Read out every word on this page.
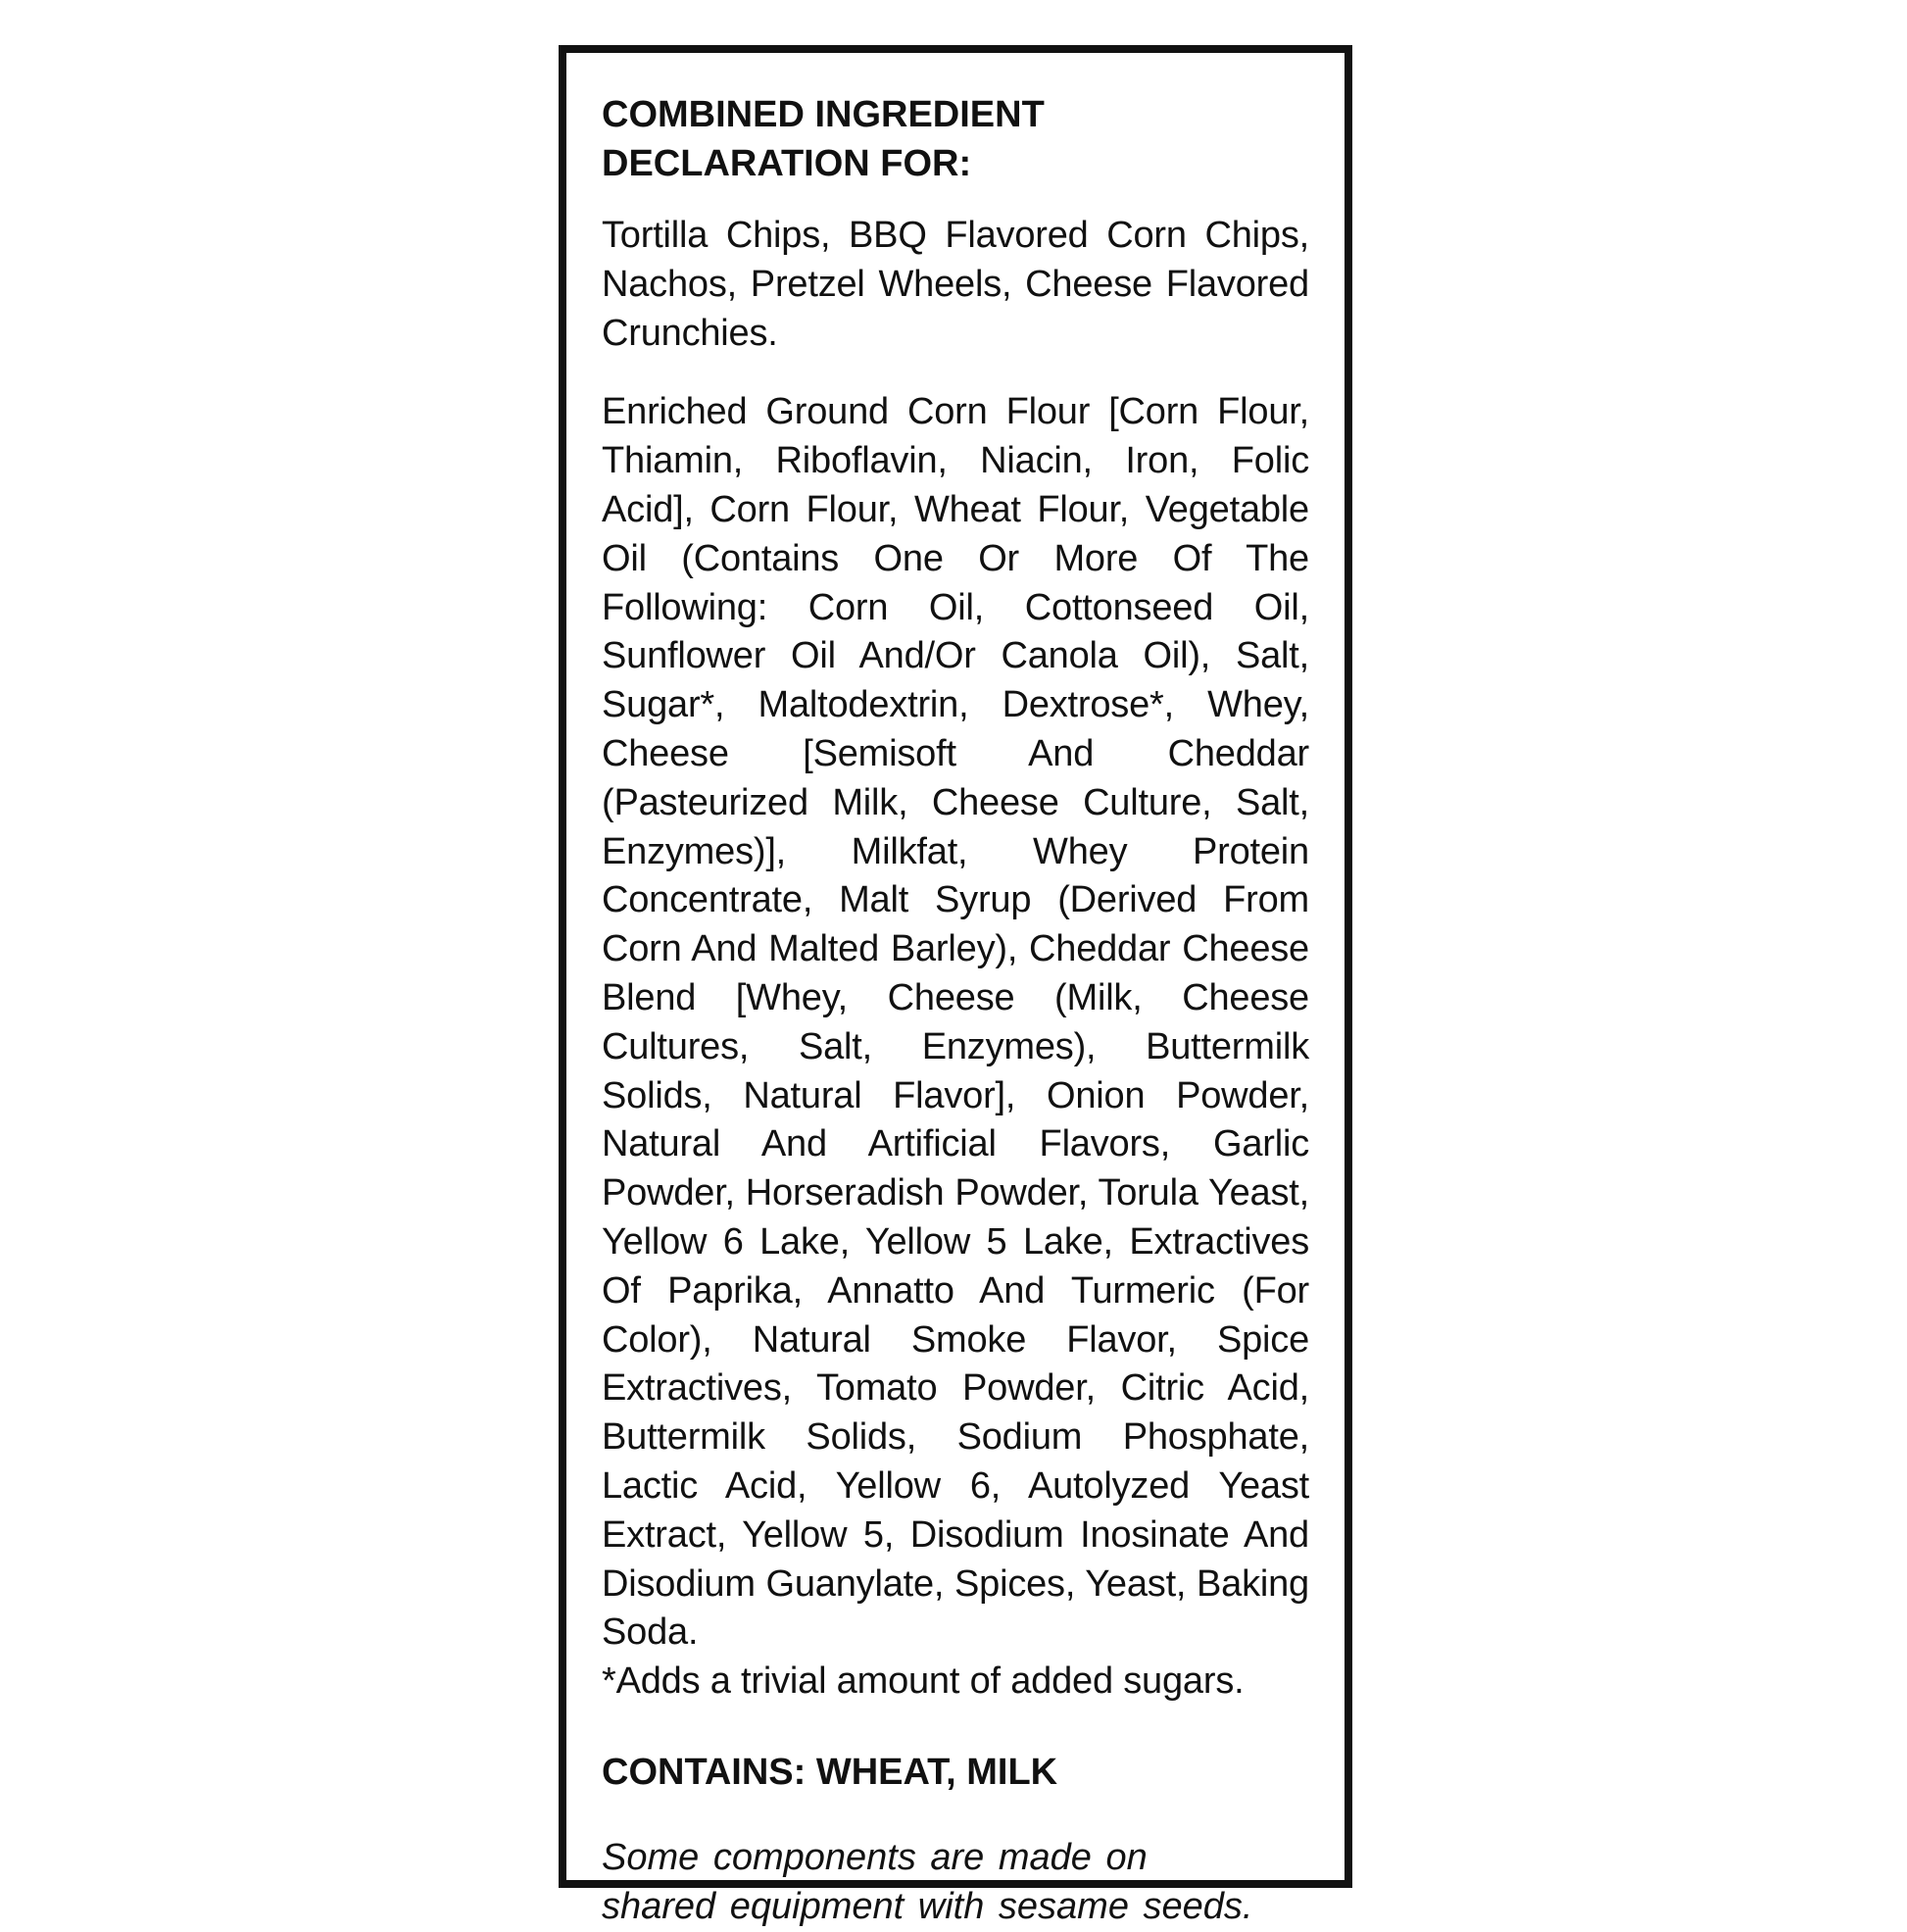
COMBINED INGREDIENT
DECLARATION FOR:

Tortilla Chips, BBQ Flavored Corn Chips, Nachos, Pretzel Wheels, Cheese Flavored Crunchies.

Enriched Ground Corn Flour [Corn Flour, Thiamin, Riboflavin, Niacin, Iron, Folic Acid], Corn Flour, Wheat Flour, Vegetable Oil (Contains One Or More Of The Following: Corn Oil, Cottonseed Oil, Sunflower Oil And/Or Canola Oil), Salt, Sugar*, Maltodextrin, Dextrose*, Whey, Cheese [Semisoft And Cheddar (Pasteurized Milk, Cheese Culture, Salt, Enzymes)], Milkfat, Whey Protein Concentrate, Malt Syrup (Derived From Corn And Malted Barley), Cheddar Cheese Blend [Whey, Cheese (Milk, Cheese Cultures, Salt, Enzymes), Buttermilk Solids, Natural Flavor], Onion Powder, Natural And Artificial Flavors, Garlic Powder, Horseradish Powder, Torula Yeast, Yellow 6 Lake, Yellow 5 Lake, Extractives Of Paprika, Annatto And Turmeric (For Color), Natural Smoke Flavor, Spice Extractives, Tomato Powder, Citric Acid, Buttermilk Solids, Sodium Phosphate, Lactic Acid, Yellow 6, Autolyzed Yeast Extract, Yellow 5, Disodium Inosinate And Disodium Guanylate, Spices, Yeast, Baking Soda.

*Adds a trivial amount of added sugars.

CONTAINS: WHEAT, MILK

Some components are made on
shared equipment with sesame seeds.
